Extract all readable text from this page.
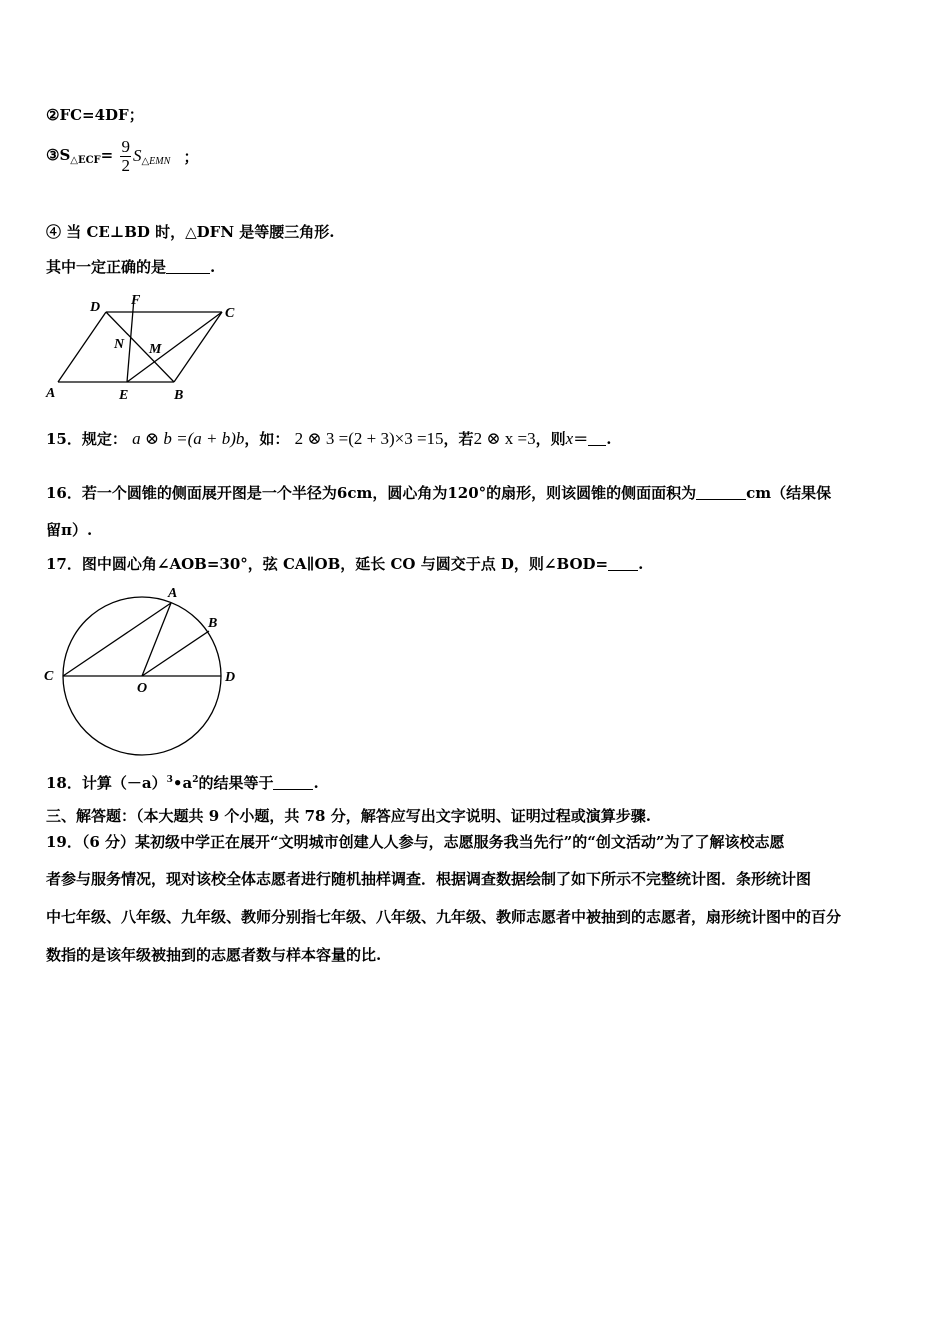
②FC=4DF；
$③S_{\triangle ECF}= \frac{9}{2} S_{\triangle EMN}$ ；
④ 当 CE⊥BD 时，△DFN 是等腰三角形.
其中一定正确的是	.
D F
C
N M
A	E	B
15．规定： a ⊗ b =(a + b)b，如： 2 ⊗ 3 =(2 + 3)×3 =15，若2 ⊗ x =3，则x＝ .
16．若一个圆锥的侧面展开图是一个半径为6cm，圆心角为120°的扇形，则该圆锥的侧面面积为	cm（结果保
留π）.
17．图中圆心角∠AOB=30°，弦 CA∥OB，延长 CO 与圆交于点 D，则∠BOD= .
A
B
C
O
D
18．计算$(-a)^3•a^2$的结果等于	.
三、解答题：（本大题共 9 个小题，共 78 分，解答应写出文字说明、证明过程或演算步骤.
19．（6 分）某初级中学正在展开“文明城市创建人人参与，志愿服务我当先行”的“创文活动”为了了解该校志愿
者参与服务情况，现对该校全体志愿者进行随机抽样调查．根据调查数据绘制了如下所示不完整统计图．条形统计图
中七年级、八年级、九年级、教师分别指七年级、八年级、九年级、教师志愿者中被抽到的志愿者，扇形统计图中的百分
数指的是该年级被抽到的志愿者数与样本容量的比.
